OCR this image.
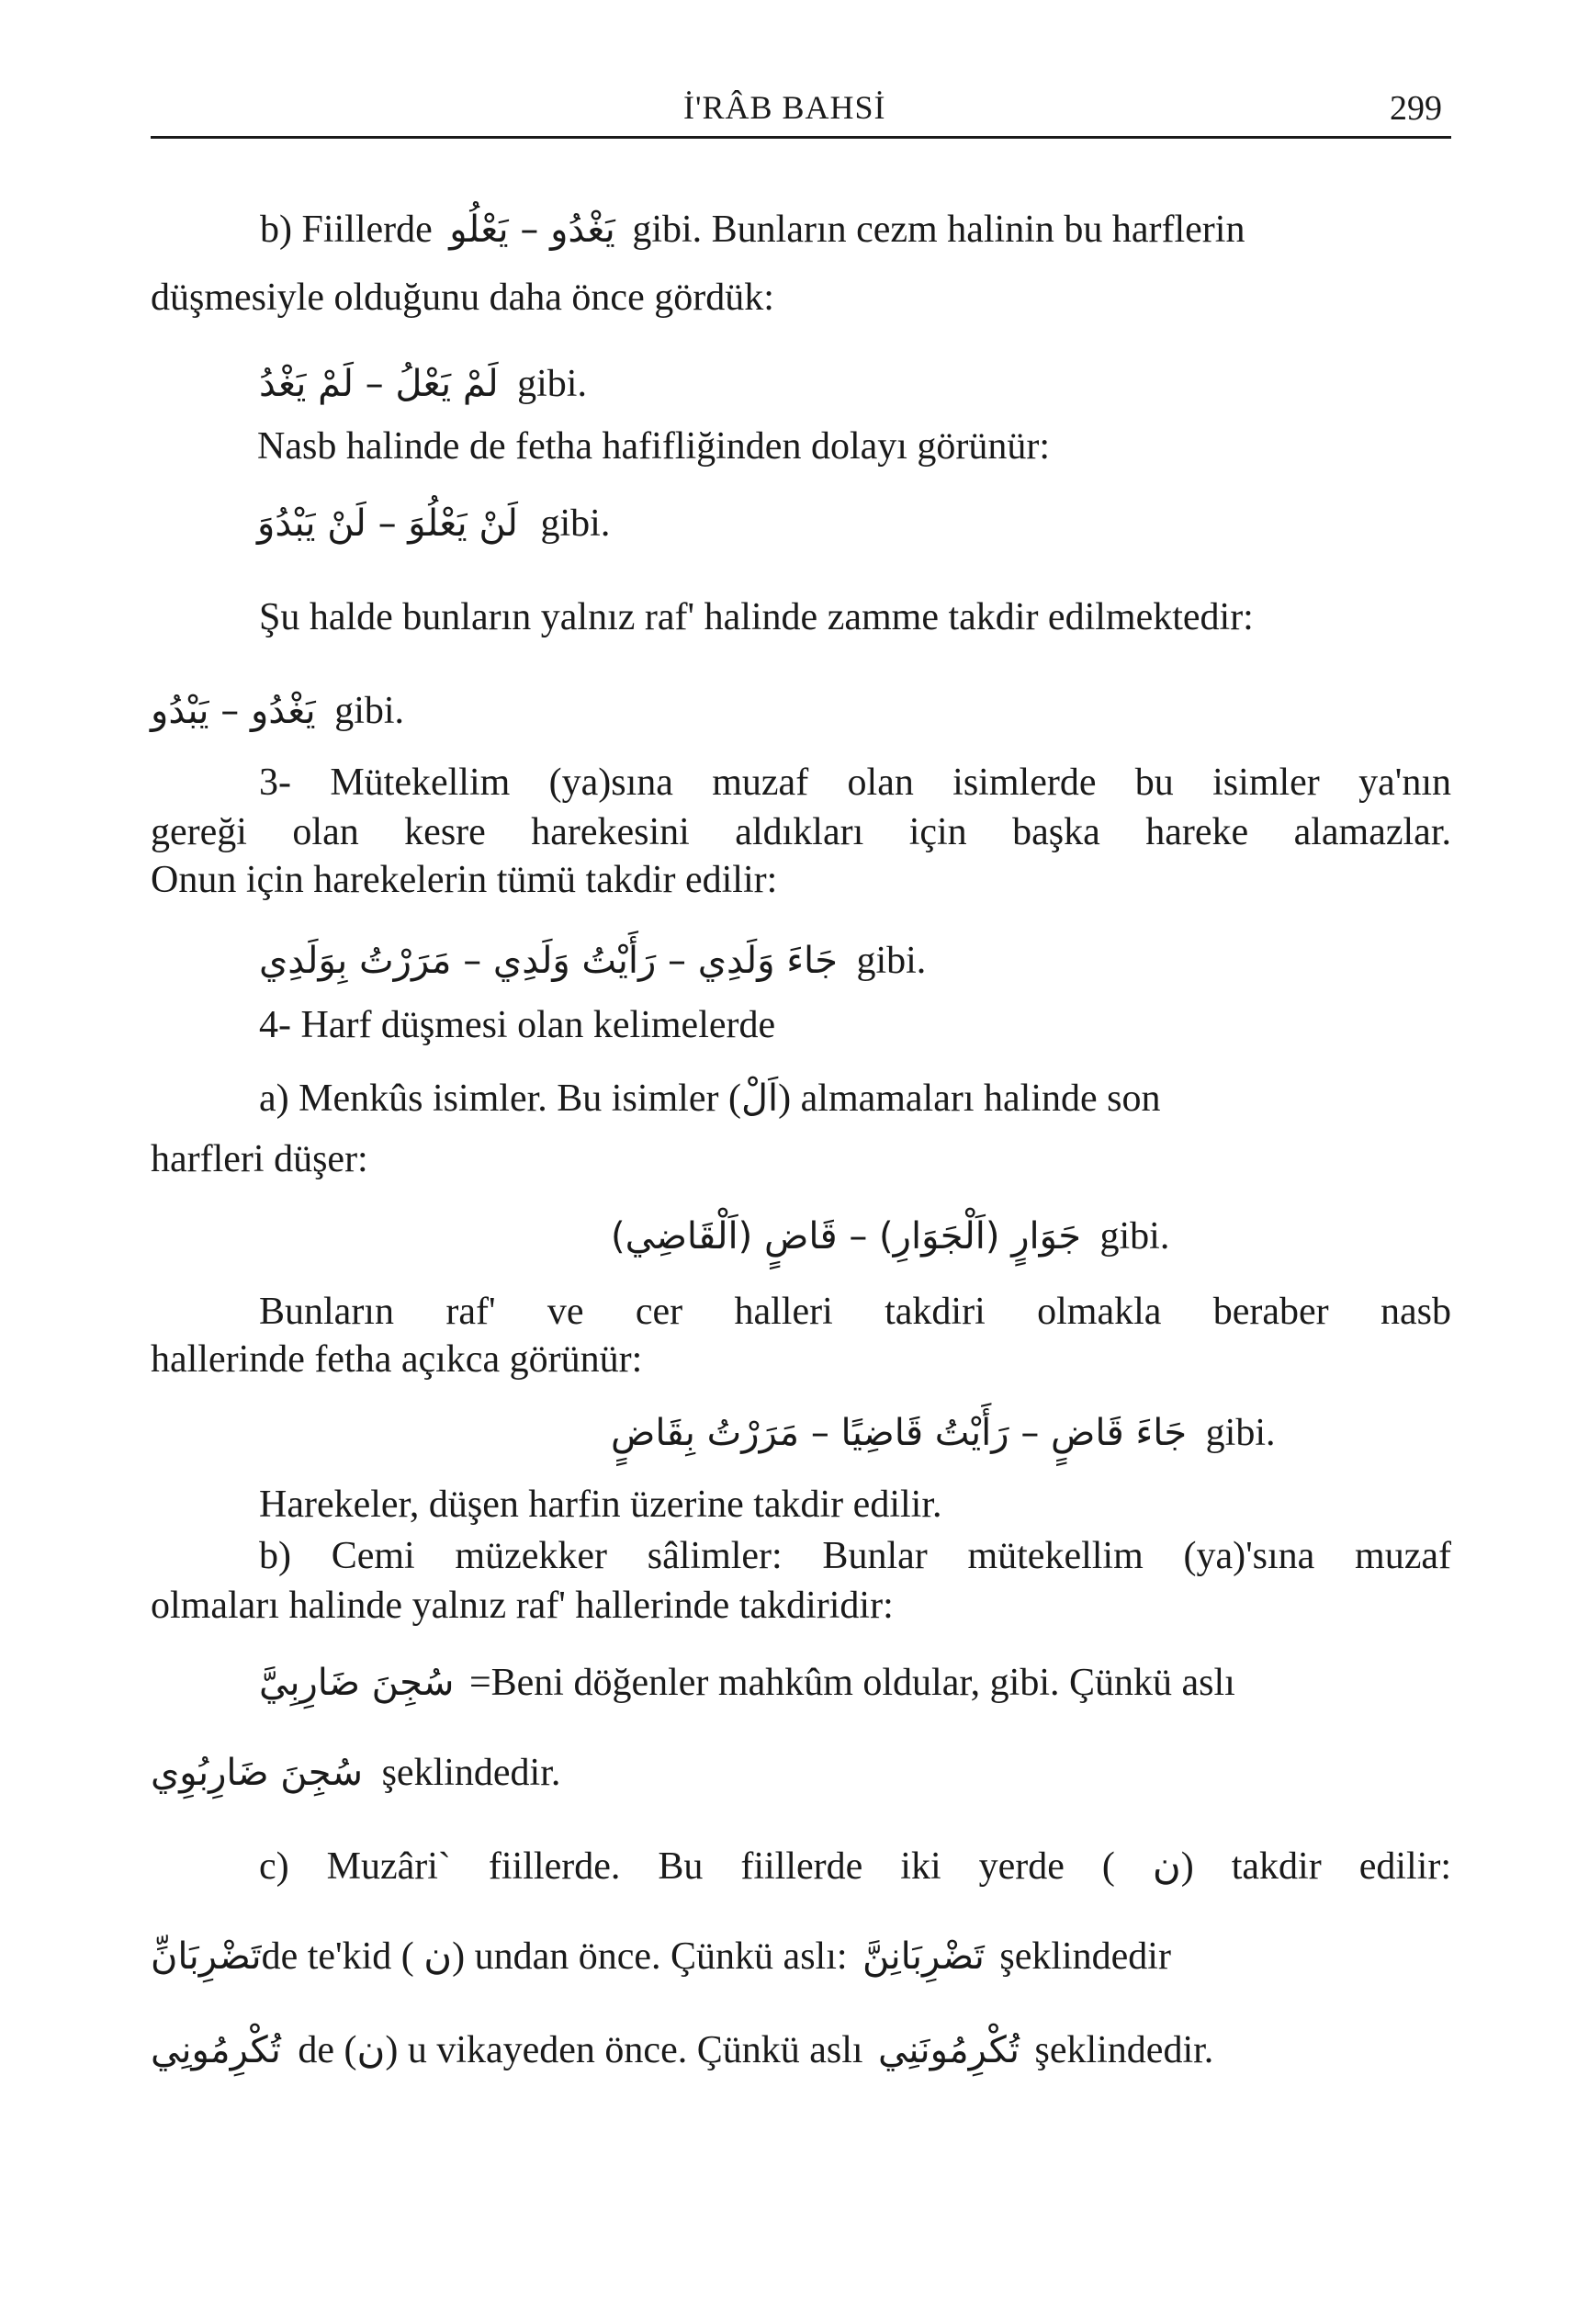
İ'RÂB BAHSİ	299
b) Fiillerde يَغْدُو – يَعْلُو gibi. Bunların cezm halinin bu harflerin
düşmesiyle olduğunu daha önce gördük:
لَمْ يَعْلُ – لَمْ يَغْدُ gibi.
Nasb halinde de fetha hafifliğinden dolayı görünür:
لَنْ يَعْلُوَ – لَنْ يَبْدُوَ gibi.
Şu halde bunların yalnız raf' halinde zamme takdir edilmektedir:
يَغْدُو – يَبْدُو gibi.
3- Mütekellim (ya)sına muzaf olan isimlerde bu isimler ya'nın
gereği olan kesre harekesini aldıkları için başka hareke alamazlar.
Onun için harekelerin tümü takdir edilir:
جَاءَ وَلَدِي – رَأَيْتُ وَلَدِي – مَرَرْتُ بِوَلَدِي gibi.
4- Harf düşmesi olan kelimelerde
a) Menkûs isimler. Bu isimler (اَلْ) almamaları halinde son
harfleri düşer:
جَوَارٍ (اَلْجَوَارِ) – قَاضٍ (اَلْقَاضِي) gibi.
Bunların raf' ve cer halleri takdiri olmakla beraber nasb
hallerinde fetha açıkca görünür:
جَاءَ قَاضٍ – رَأَيْتُ قَاضِيًا – مَرَرْتُ بِقَاضٍ gibi.
Harekeler, düşen harfin üzerine takdir edilir.
b) Cemi müzekker sâlimler: Bunlar mütekellim (ya)'sına muzaf
olmaları halinde yalnız raf' hallerinde takdiridir:
سُجِنَ ضَارِبِيَّ =Beni döğenler mahkûm oldular, gibi. Çünkü aslı
سُجِنَ ضَارِبُوِي şeklindedir.
c) Muzâri` fiillerde. Bu fiillerde iki yerde ( ن) takdir edilir:
تَضْرِبَانِّde te'kid ( ن) undan önce. Çünkü aslı: تَضْرِبَانِنَّ şeklindedir
تُكْرِمُونِي de (ن) u vikayeden önce. Çünkü aslı تُكْرِمُونَنِي şeklindedir.
